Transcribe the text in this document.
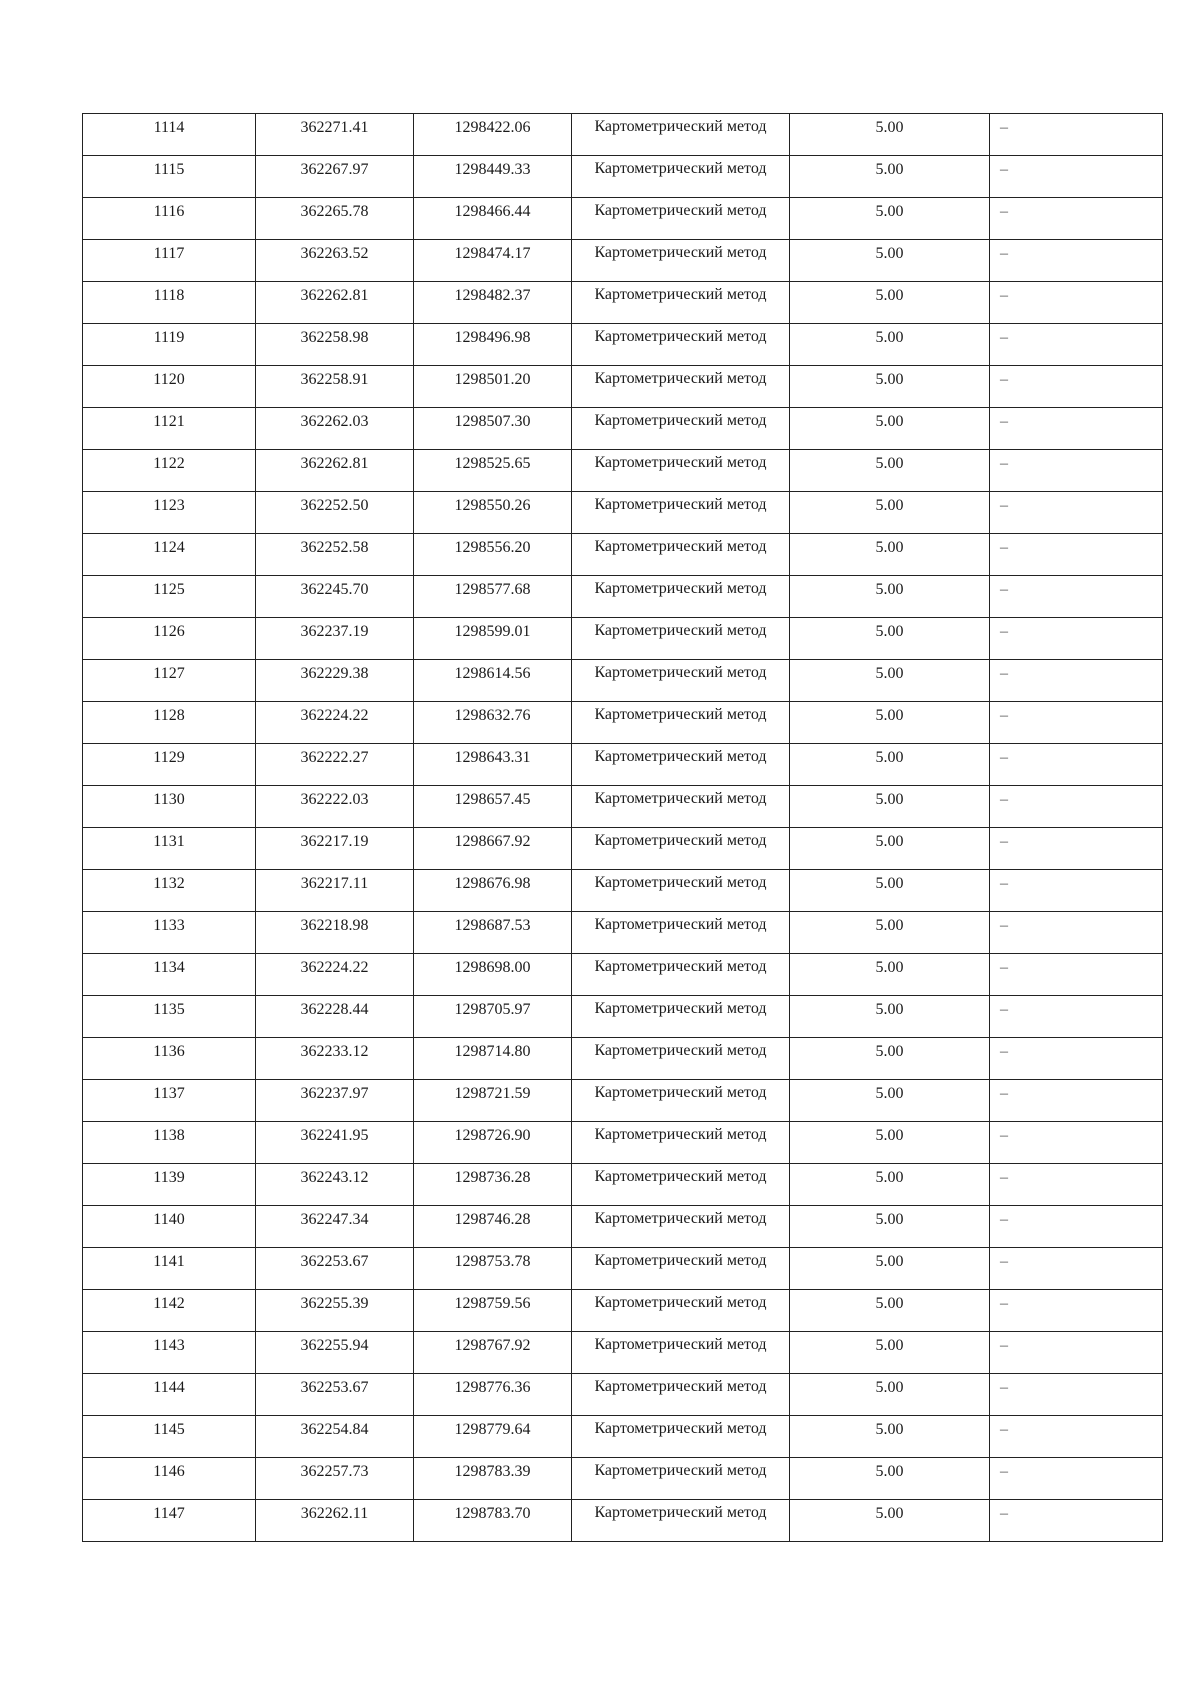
1114	362271.41	1298422.06	Картометрический метод	5.00	–

1115	362267.97	1298449.33	Картометрический метод	5.00	–

1116	362265.78	1298466.44	Картометрический метод	5.00	–

1117	362263.52	1298474.17	Картометрический метод	5.00	–

1118	362262.81	1298482.37	Картометрический метод	5.00	–

1119	362258.98	1298496.98	Картометрический метод	5.00	–

1120	362258.91	1298501.20	Картометрический метод	5.00	–

1121	362262.03	1298507.30	Картометрический метод	5.00	–

1122	362262.81	1298525.65	Картометрический метод	5.00	–

1123	362252.50	1298550.26	Картометрический метод	5.00	–

1124	362252.58	1298556.20	Картометрический метод	5.00	–

1125	362245.70	1298577.68	Картометрический метод	5.00	–

1126	362237.19	1298599.01	Картометрический метод	5.00	–

1127	362229.38	1298614.56	Картометрический метод	5.00	–

1128	362224.22	1298632.76	Картометрический метод	5.00	–

1129	362222.27	1298643.31	Картометрический метод	5.00	–

1130	362222.03	1298657.45	Картометрический метод	5.00	–

1131	362217.19	1298667.92	Картометрический метод	5.00	–

1132	362217.11	1298676.98	Картометрический метод	5.00	–

1133	362218.98	1298687.53	Картометрический метод	5.00	–

1134	362224.22	1298698.00	Картометрический метод	5.00	–

1135	362228.44	1298705.97	Картометрический метод	5.00	–

1136	362233.12	1298714.80	Картометрический метод	5.00	–

1137	362237.97	1298721.59	Картометрический метод	5.00	–

1138	362241.95	1298726.90	Картометрический метод	5.00	–

1139	362243.12	1298736.28	Картометрический метод	5.00	–

1140	362247.34	1298746.28	Картометрический метод	5.00	–

1141	362253.67	1298753.78	Картометрический метод	5.00	–

1142	362255.39	1298759.56	Картометрический метод	5.00	–

1143	362255.94	1298767.92	Картометрический метод	5.00	–

1144	362253.67	1298776.36	Картометрический метод	5.00	–

1145	362254.84	1298779.64	Картометрический метод	5.00	–

1146	362257.73	1298783.39	Картометрический метод	5.00	–

1147	362262.11	1298783.70	Картометрический метод	5.00	–
